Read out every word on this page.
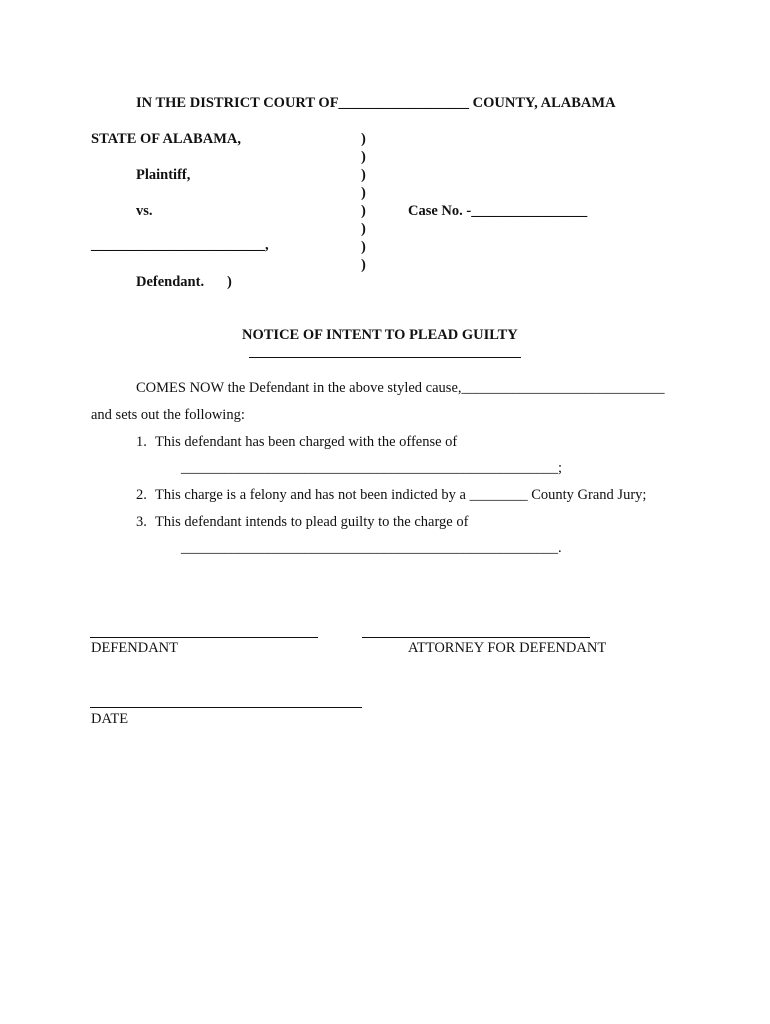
IN THE DISTRICT COURT OF__________________ COUNTY, ALABAMA
STATE OF ALABAMA,
Plaintiff,
vs.
________________________,
Defendant. )
)
)
)
)
)
)
)
)
Case No. -________________
NOTICE OF INTENT TO PLEAD GUILTY
COMES NOW the Defendant in the above styled cause,____________________________
and sets out the following:
1. This defendant has been charged with the offense of
____________________________________________________;
2. This charge is a felony and has not been indicted by a ________ County Grand Jury;
3. This defendant intends to plead guilty to the charge of
____________________________________________________.
DEFENDANT	ATTORNEY FOR DEFENDANT
DATE
